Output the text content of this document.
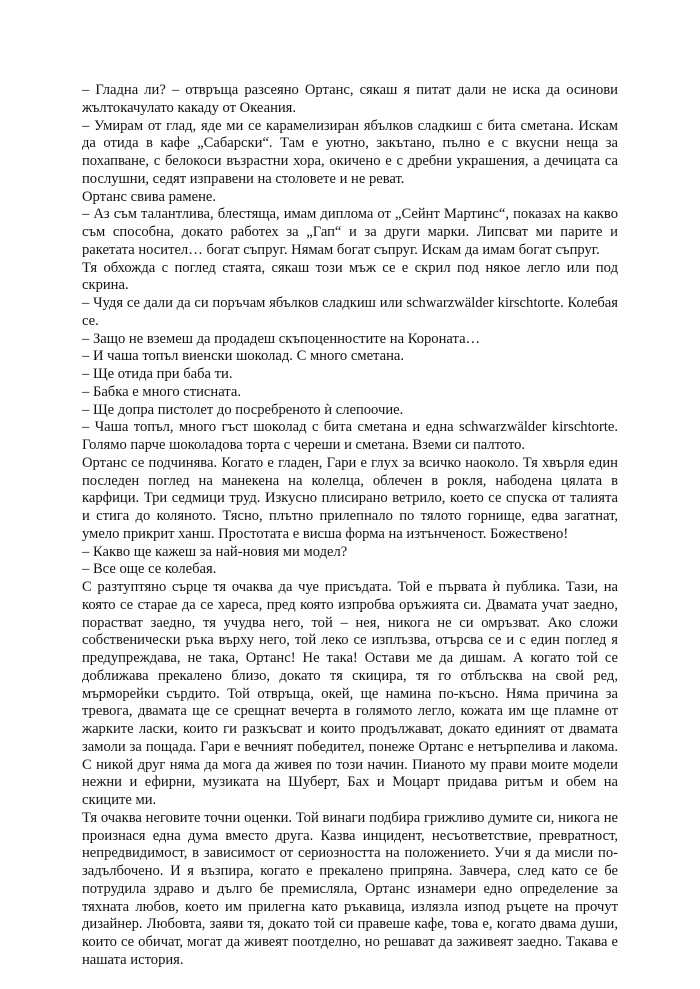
– Гладна ли? – отвръща разсеяно Ортанс, сякаш я питат дали не иска да осинови жълтокачулато какаду от Океания.

– Умирам от глад, яде ми се карамелизиран ябълков сладкиш с бита сметана. Искам да отида в кафе „Сабарски“. Там е уютно, закътано, пълно е с вкусни неща за похапване, с белокоси възрастни хора, окичено е с дребни украшения, а дечицата са послушни, седят изправени на столовете и не реват.

Ортанс свива рамене.

– Аз съм талантлива, блестяща, имам диплома от „Сейнт Мартинс“, показах на какво съм способна, докато работех за „Гап“ и за други марки. Липсват ми парите и ракетата носител… богат съпруг. Нямам богат съпруг. Искам да имам богат съпруг.

Тя обхожда с поглед стаята, сякаш този мъж се е скрил под някое легло или под скрина.

– Чудя се дали да си поръчам ябълков сладкиш или schwarzwälder kirschtorte. Колебая се.

– Защо не вземеш да продадеш скъпоценностите на Короната…

– И чаша топъл виенски шоколад. С много сметана.

– Ще отида при баба ти.

– Бабка е много стисната.

– Ще допра пистолет до посребреното ѝ слепоочие.

– Чаша топъл, много гъст шоколад с бита сметана и една schwarzwälder kirschtorte. Голямо парче шоколадова торта с череши и сметана. Вземи си палтото.

Ортанс се подчинява. Когато е гладен, Гари е глух за всичко наоколо. Тя хвърля един последен поглед на манекена на колелца, облечен в рокля, набодена цялата в карфици. Три седмици труд. Изкусно плисирано ветрило, което се спуска от талията и стига до коляното. Тясно, плътно прилепнало по тялото горнище, едва загатнат, умело прикрит ханш. Простотата е висша форма на изтънченост. Божествено!

– Какво ще кажеш за най-новия ми модел?

– Все още се колебая.

С разтуптяно сърце тя очаква да чуе присъдата. Той е първата ѝ публика. Тази, на която се старае да се хареса, пред която изпробва оръжията си. Двамата учат заедно, порастват заедно, тя учудва него, той – нея, никога не си омръзват. Ако сложи собственически ръка върху него, той леко се изплъзва, отърсва се и с един поглед я предупреждава, не така, Ортанс! Не така! Остави ме да дишам. А когато той се доближава прекалено близо, докато тя скицира, тя го отблъсква на свой ред, мърморейки сърдито. Той отвръща, окей, ще намина по-късно. Няма причина за тревога, двамата ще се срещнат вечерта в голямото легло, кожата им ще пламне от жарките ласки, които ги разкъсват и които продължават, докато единият от двамата замоли за пощада. Гари е вечният победител, понеже Ортанс е нетърпелива и лакома. С никой друг няма да мога да живея по този начин. Пианото му прави моите модели нежни и ефирни, музиката на Шуберт, Бах и Моцарт придава ритъм и обем на скиците ми.

Тя очаква неговите точни оценки. Той винаги подбира грижливо думите си, никога не произнася една дума вместо друга. Казва инцидент, несъответствие, превратност, непредвидимост, в зависимост от сериозността на положението. Учи я да мисли по-задълбочено. И я възпира, когато е прекалено припряна. Завчера, след като се бе потрудила здраво и дълго бе премисляла, Ортанс изнамери едно определение за тяхната любов, което им прилегна като ръкавица, излязла изпод ръцете на прочут дизайнер. Любовта, заяви тя, докато той си правеше кафе, това е, когато двама души, които се обичат, могат да живеят поотделно, но решават да заживеят заедно. Такава е нашата история.
